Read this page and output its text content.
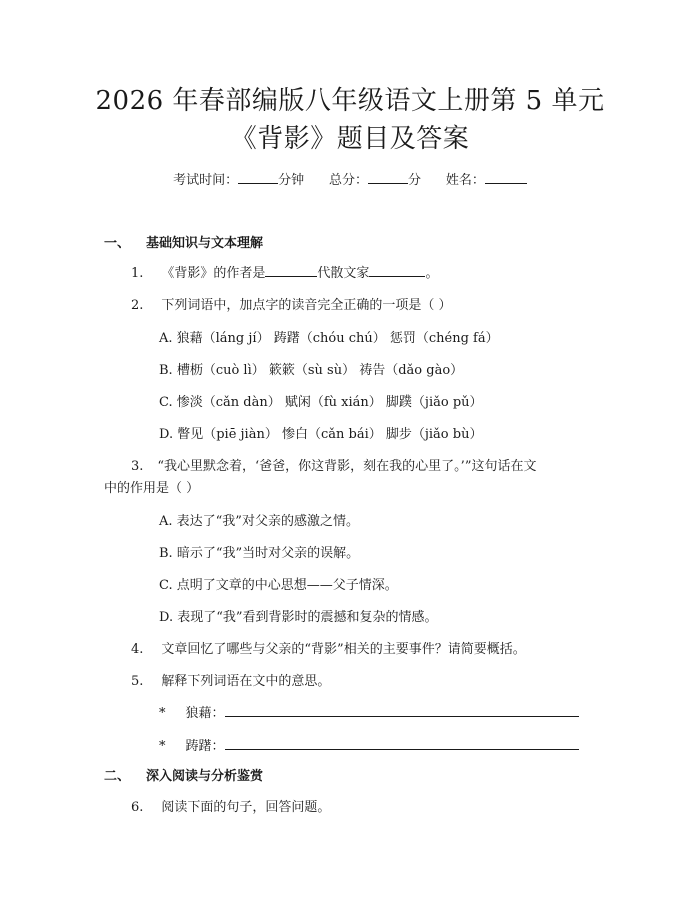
2026 年春部编版八年级语文上册第 5 单元
《背影》题目及答案
考试时间：	分钟 总分：	分 姓名：
一、 基础知识与文本理解
1. 《背影》的作者是	代散文家	。
2. 下列词语中，加点字的读音完全正确的一项是（ ）
A. 狼藉（láng jí） 踌躇（chóu chú） 惩罚（chéng fá）
B. 槽枥（cuò lì） 簌簌（sù sù） 祷告（dǎo gào）
C. 惨淡（cǎn dàn） 赋闲（fù xián） 脚蹼（jiǎo pǔ）
D. 瞥见（piē jiàn） 惨白（cǎn bái） 脚步（jiǎo bù）
3. “我心里默念着，‘爸爸，你这背影，刻在我的心里了。’”这句话在文
中的作用是（ ）
A. 表达了“我”对父亲的感激之情。
B. 暗示了“我”当时对父亲的误解。
C. 点明了文章的中心思想——父子情深。
D. 表现了“我”看到背影时的震撼和复杂的情感。
4. 文章回忆了哪些与父亲的“背影”相关的主要事件？请简要概括。
5. 解释下列词语在文中的意思。
* 狼藉：
* 踌躇：
二、 深入阅读与分析鉴赏
6. 阅读下面的句子，回答问题。
